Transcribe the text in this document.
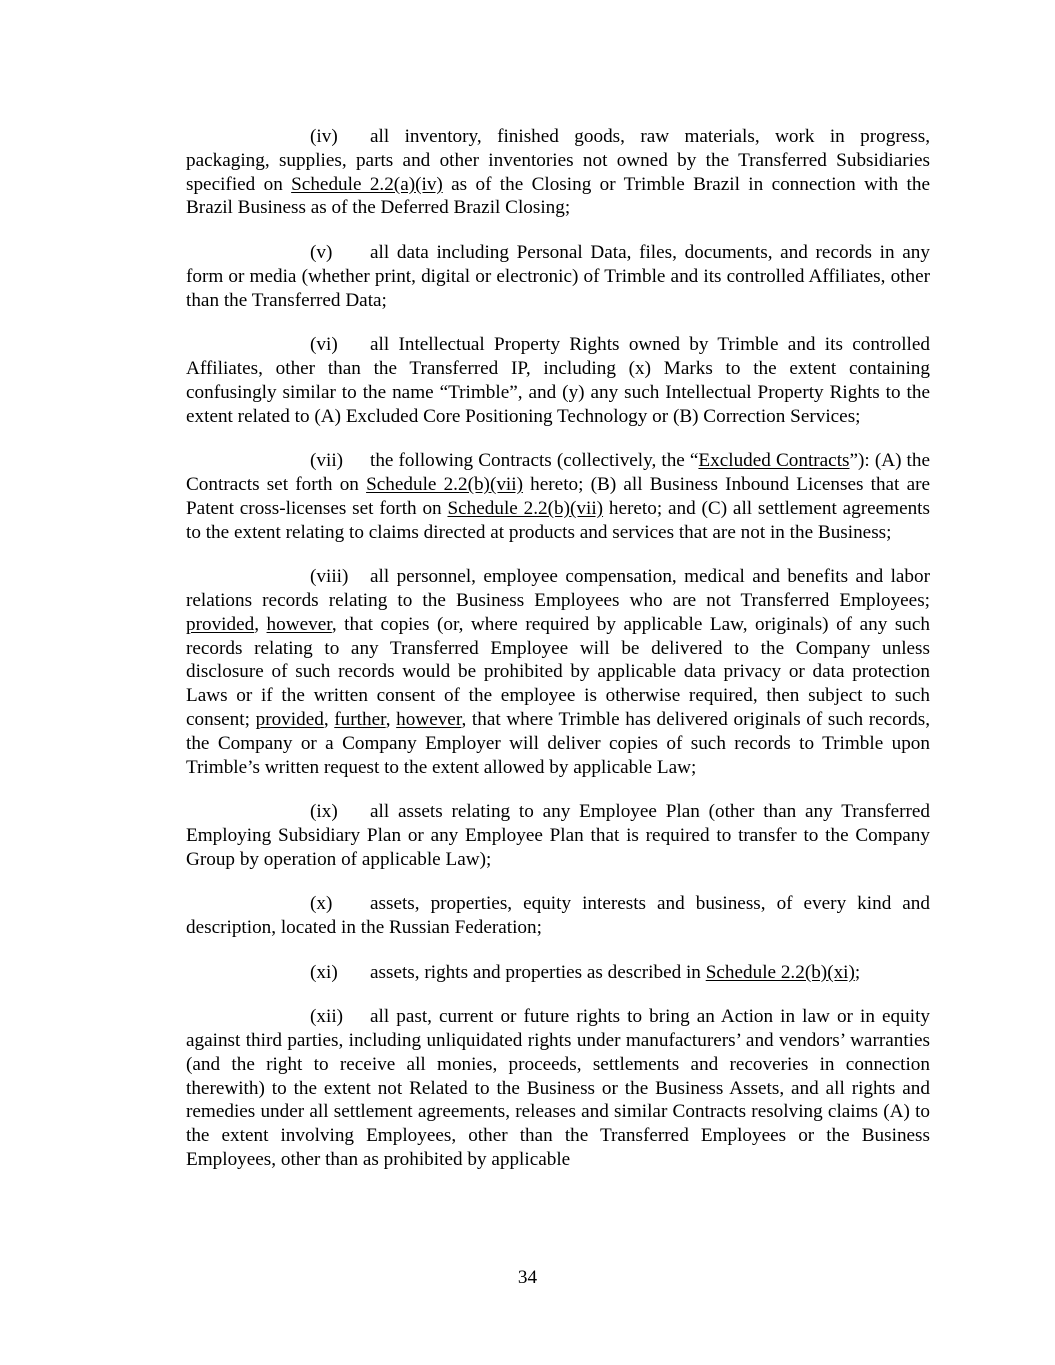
(iv) all inventory, finished goods, raw materials, work in progress, packaging, supplies, parts and other inventories not owned by the Transferred Subsidiaries specified on Schedule 2.2(a)(iv) as of the Closing or Trimble Brazil in connection with the Brazil Business as of the Deferred Brazil Closing;

(v) all data including Personal Data, files, documents, and records in any form or media (whether print, digital or electronic) of Trimble and its controlled Affiliates, other than the Transferred Data;

(vi) all Intellectual Property Rights owned by Trimble and its controlled Affiliates, other than the Transferred IP, including (x) Marks to the extent containing confusingly similar to the name “Trimble”, and (y) any such Intellectual Property Rights to the extent related to (A) Excluded Core Positioning Technology or (B) Correction Services;

(vii) the following Contracts (collectively, the “Excluded Contracts”): (A) the Contracts set forth on Schedule 2.2(b)(vii) hereto; (B) all Business Inbound Licenses that are Patent cross-licenses set forth on Schedule 2.2(b)(vii) hereto; and (C) all settlement agreements to the extent relating to claims directed at products and services that are not in the Business;

(viii) all personnel, employee compensation, medical and benefits and labor relations records relating to the Business Employees who are not Transferred Employees; provided, however, that copies (or, where required by applicable Law, originals) of any such records relating to any Transferred Employee will be delivered to the Company unless disclosure of such records would be prohibited by applicable data privacy or data protection Laws or if the written consent of the employee is otherwise required, then subject to such consent; provided, further, however, that where Trimble has delivered originals of such records, the Company or a Company Employer will deliver copies of such records to Trimble upon Trimble’s written request to the extent allowed by applicable Law;

(ix) all assets relating to any Employee Plan (other than any Transferred Employing Subsidiary Plan or any Employee Plan that is required to transfer to the Company Group by operation of applicable Law);

(x) assets, properties, equity interests and business, of every kind and description, located in the Russian Federation;

(xi) assets, rights and properties as described in Schedule 2.2(b)(xi);

(xii) all past, current or future rights to bring an Action in law or in equity against third parties, including unliquidated rights under manufacturers’ and vendors’ warranties (and the right to receive all monies, proceeds, settlements and recoveries in connection therewith) to the extent not Related to the Business or the Business Assets, and all rights and remedies under all settlement agreements, releases and similar Contracts resolving claims (A) to the extent involving Employees, other than the Transferred Employees or the Business Employees, other than as prohibited by applicable

34
